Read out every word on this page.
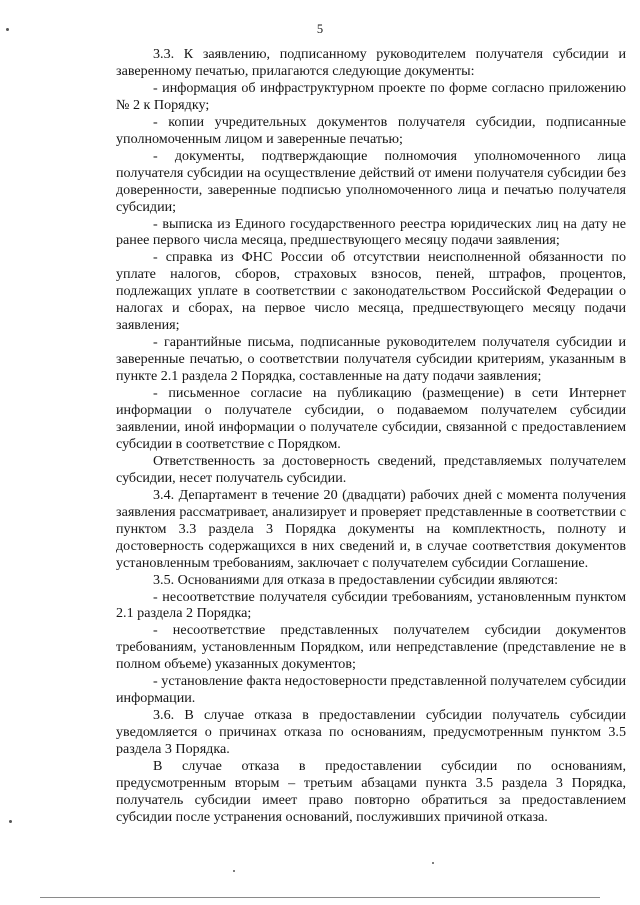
5

3.3. К заявлению, подписанному руководителем получателя субсидии и заверенному печатью, прилагаются следующие документы:

- информация об инфраструктурном проекте по форме согласно приложению № 2 к Порядку;

- копии учредительных документов получателя субсидии, подписанные уполномоченным лицом и заверенные печатью;

- документы, подтверждающие полномочия уполномоченного лица получателя субсидии на осуществление действий от имени получателя субсидии без доверенности, заверенные подписью уполномоченного лица и печатью получателя субсидии;

- выписка из Единого государственного реестра юридических лиц на дату не ранее первого числа месяца, предшествующего месяцу подачи заявления;

- справка из ФНС России об отсутствии неисполненной обязанности по уплате налогов, сборов, страховых взносов, пеней, штрафов, процентов, подлежащих уплате в соответствии с законодательством Российской Федерации о налогах и сборах, на первое число месяца, предшествующего месяцу подачи заявления;

- гарантийные письма, подписанные руководителем получателя субсидии и заверенные печатью, о соответствии получателя субсидии критериям, указанным в пункте 2.1 раздела 2 Порядка, составленные на дату подачи заявления;

- письменное согласие на публикацию (размещение) в сети Интернет информации о получателе субсидии, о подаваемом получателем субсидии заявлении, иной информации о получателе субсидии, связанной с предоставлением субсидии в соответствие с Порядком.

Ответственность за достоверность сведений, представляемых получателем субсидии, несет получатель субсидии.

3.4. Департамент в течение 20 (двадцати) рабочих дней с момента получения заявления рассматривает, анализирует и проверяет представленные в соответствии с пунктом 3.3 раздела 3 Порядка документы на комплектность, полноту и достоверность содержащихся в них сведений и, в случае соответствия документов установленным требованиям, заключает с получателем субсидии Соглашение.

3.5. Основаниями для отказа в предоставлении субсидии являются:

- несоответствие получателя субсидии требованиям, установленным пунктом 2.1 раздела 2 Порядка;

- несоответствие представленных получателем субсидии документов требованиям, установленным Порядком, или непредставление (представление не в полном объеме) указанных документов;

- установление факта недостоверности представленной получателем субсидии информации.

3.6. В случае отказа в предоставлении субсидии получатель субсидии уведомляется о причинах отказа по основаниям, предусмотренным пунктом 3.5 раздела 3 Порядка.

В случае отказа в предоставлении субсидии по основаниям, предусмотренным вторым – третьим абзацами пункта 3.5 раздела 3 Порядка, получатель субсидии имеет право повторно обратиться за предоставлением субсидии после устранения оснований, послуживших причиной отказа.
